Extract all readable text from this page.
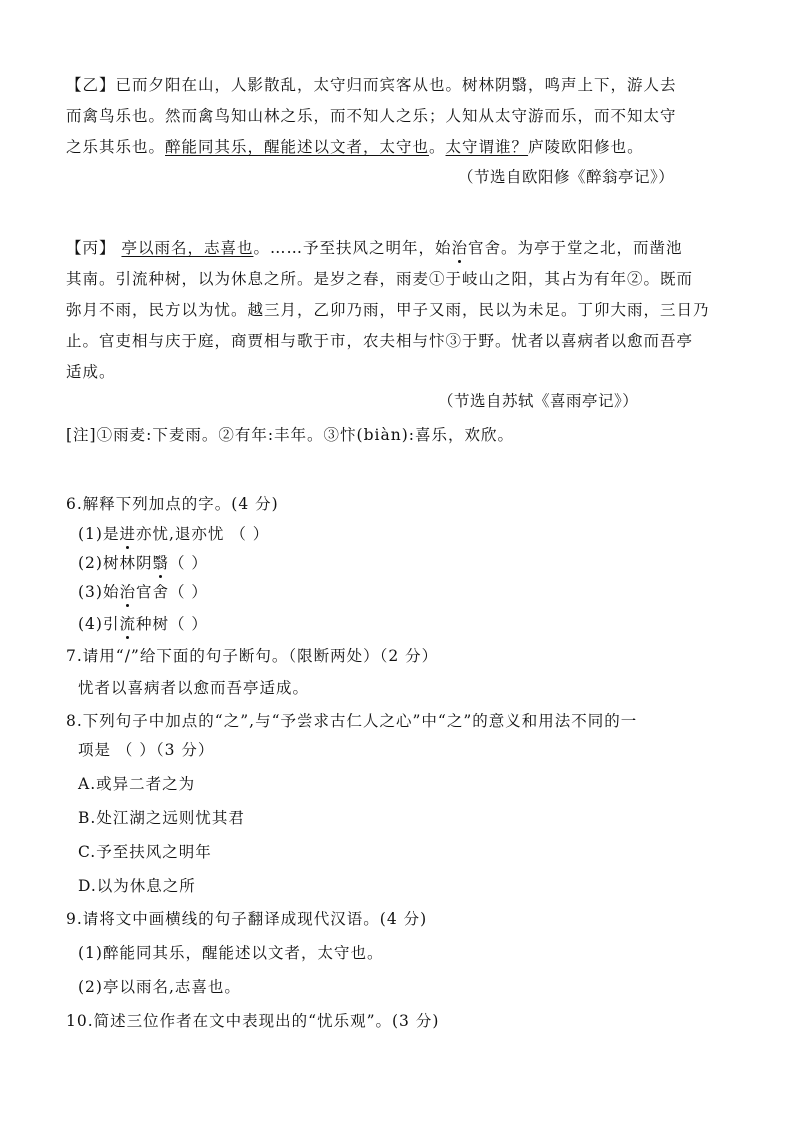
【乙】已而夕阳在山，人影散乱，太守归而宾客从也。树林阴翳，鸣声上下，游人去
而禽鸟乐也。然而禽鸟知山林之乐，而不知人之乐；人知从太守游而乐，而不知太守
之乐其乐也。醉能同其乐，醒能述以文者，太守也。太守谓谁？庐陵欧阳修也。
（节选自欧阳修《醉翁亭记》）
【丙】 亭以雨名，志喜也。……予至扶风之明年，始治官舍。为亭于堂之北，而凿池
其南。引流种树，以为休息之所。是岁之春，雨麦①于岐山之阳，其占为有年②。既而
弥月不雨，民方以为忧。越三月，乙卯乃雨，甲子又雨，民以为未足。丁卯大雨，三日乃
止。官吏相与庆于庭，商贾相与歌于市，农夫相与忭③于野。忧者以喜病者以愈而吾亭
适成。
（节选自苏轼《喜雨亭记》）
[注]①雨麦:下麦雨。②有年:丰年。③忭(biàn):喜乐，欢欣。
6.解释下列加点的字。(4 分)
(1)是进亦忧,退亦忧 （ ）
(2)树林阴翳（ ）
(3)始治官舍（ ）
(4)引流种树（ ）
7.请用“/”给下面的句子断句。（限断两处）（2 分）
忧者以喜病者以愈而吾亭适成。
8.下列句子中加点的“之”,与“予尝求古仁人之心”中“之”的意义和用法不同的一
项是 （ ）（3 分）
A.或异二者之为
B.处江湖之远则忧其君
C.予至扶风之明年
D.以为休息之所
9.请将文中画横线的句子翻译成现代汉语。(4 分)
(1)醉能同其乐，醒能述以文者，太守也。
(2)亭以雨名,志喜也。
10.简述三位作者在文中表现出的“忧乐观”。(3 分)
